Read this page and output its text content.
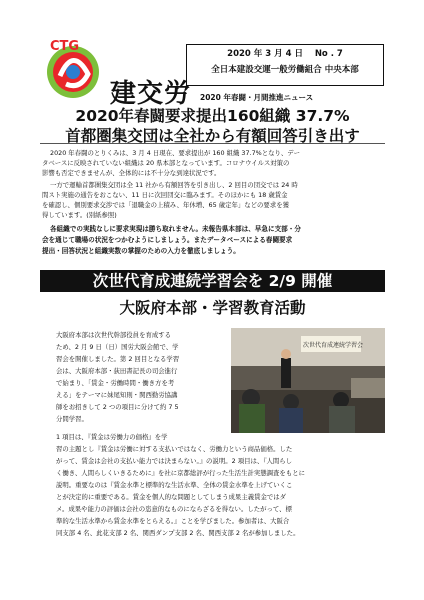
CTG
建交労
2020 年 3 月 4 日 No . 7
全日本建設交運一般労働組合 中央本部
2020 年春闘・月間推進ニュース
2020年春闘要求提出160組織 37.7%
首都圏集交団は全社から有額回答引き出す
2020 年春闘のとりくみは、3 月 4 日現在、要求提出が 160 組織 37.7%となり、デー
タベースに反映されていない組織は 20 県本部となっています。コロナウイルス対策の
影響も否定できませんが、全体的には不十分な到達状況です。
一方で運輸首都圏集交団は全 11 社から有額回答を引き出し、2 回目の団交では 24 時
間スト実施の通告をおこない、11 日に次回団交に臨みます。そのほかにも 18 歳賃金
を確認し、個別要求交渉では「退職金の上積み、年休増、65 歳定年」などの要求を獲
得しています。(別紙参照)
各組織での実践なしに要求実現は勝ち取れません。未報告県本部は、早急に支部・分
会を通じて職場の状況をつかむようにしましょう。またデータベースによる春闘要求
提出・回答状況と組織実数の掌握のための入力を徹底しましょう。
次世代育成連続学習会を 2/9 開催
大阪府本部・学習教育活動
大阪府本部は次世代幹部役員を育成する
ため、2 月 9 日（日）国労大阪会館で、学
習会を開催しました。第 2 回目となる学習
会は、大阪府本部・荻田書記長の司会進行
で始まり、「賃金・労働時間・働き方を考
える」をテーマに妹尾知則・関西勤労協講
師をお招きして 2 つの項目に分けて約 7 5
分間学習。
1 項目は、『賃金は労働力の価格』を学
習の主題とし『賃金は労働に対する支払いではなく、労働力という商品価格。した
がって、賃金は会社の支払い能力では決まらない。』の説明。2 項目は、『人間らし
く働き、人間らしくいきるために』を社に京都総評が行った生活生計実態調査をもとに
説明。重要なのは『賃金水準と標準的な生活水準、全体の賃金水準を上げていくこ
とが決定的に重要である。賃金を個人的な問題としてしまう成果主義賃金ではダ
メ。成果や能力の評価は会社の恣意的なものにならざるを得ない。したがって、標
準的な生活水準から賃金水準をとらえる。』ことを学びました。参加者は、大阪合
同支部 4 名、此花支部 2 名、関西ダンプ支部 2 名、関西支部 2 名が参加しました。
次世代育成連続学習会
